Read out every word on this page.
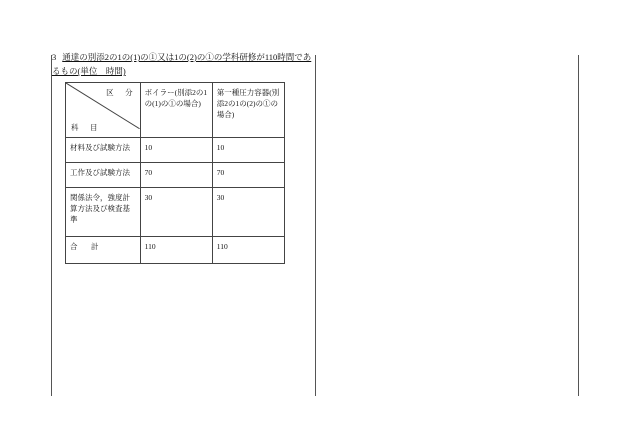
3 通達の別添2の1の(1)の①又は1の(2)の①の学科研修が110時間であ
るもの(単位　時間)
区　分
科　目	ボイラー(別添2の1の(1)の①の場合)	第一種圧力容器(別添2の1の(2)の①の場合)
材料及び試験方法	10	10
工作及び試験方法	70	70
関係法令，強度計算方法及び検査基準	30	30
合　計	110	110
